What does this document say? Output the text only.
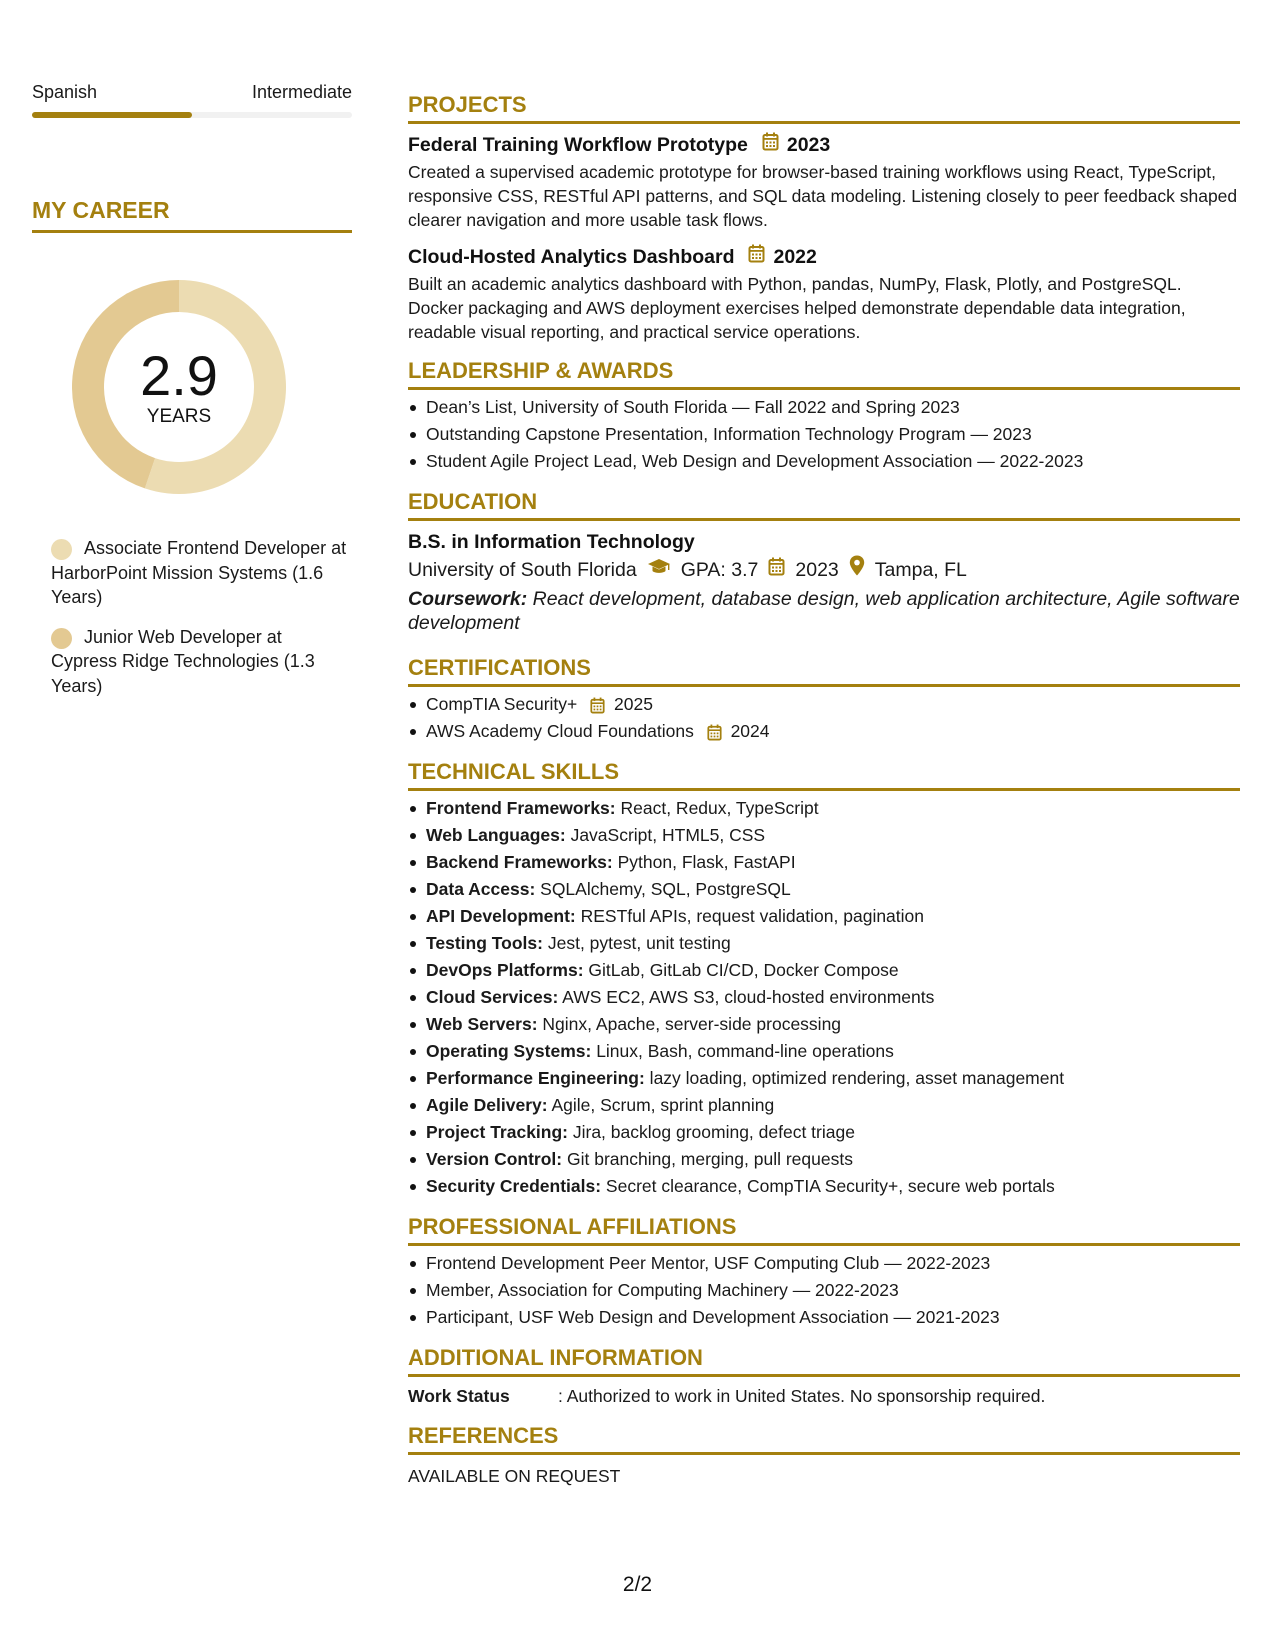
Spanish	Intermediate
MY CAREER
2.9
YEARS
Associate Frontend Developer at HarborPoint Mission Systems (1.6 Years)
Junior Web Developer at Cypress Ridge Technologies (1.3 Years)
PROJECTS
Federal Training Workflow Prototype 2023
Created a supervised academic prototype for browser-based training workflows using React, TypeScript, responsive CSS, RESTful API patterns, and SQL data modeling. Listening closely to peer feedback shaped clearer navigation and more usable task flows.
Cloud-Hosted Analytics Dashboard 2022
Built an academic analytics dashboard with Python, pandas, NumPy, Flask, Plotly, and PostgreSQL. Docker packaging and AWS deployment exercises helped demonstrate dependable data integration, readable visual reporting, and practical service operations.
LEADERSHIP & AWARDS
Dean’s List, University of South Florida — Fall 2022 and Spring 2023
Outstanding Capstone Presentation, Information Technology Program — 2023
Student Agile Project Lead, Web Design and Development Association — 2022-2023
EDUCATION
B.S. in Information Technology
University of South Florida GPA: 3.7 2023 Tampa, FL
Coursework: React development, database design, web application architecture, Agile software development
CERTIFICATIONS
CompTIA Security+ 2025
AWS Academy Cloud Foundations 2024
TECHNICAL SKILLS
Frontend Frameworks: React, Redux, TypeScript
Web Languages: JavaScript, HTML5, CSS
Backend Frameworks: Python, Flask, FastAPI
Data Access: SQLAlchemy, SQL, PostgreSQL
API Development: RESTful APIs, request validation, pagination
Testing Tools: Jest, pytest, unit testing
DevOps Platforms: GitLab, GitLab CI/CD, Docker Compose
Cloud Services: AWS EC2, AWS S3, cloud-hosted environments
Web Servers: Nginx, Apache, server-side processing
Operating Systems: Linux, Bash, command-line operations
Performance Engineering: lazy loading, optimized rendering, asset management
Agile Delivery: Agile, Scrum, sprint planning
Project Tracking: Jira, backlog grooming, defect triage
Version Control: Git branching, merging, pull requests
Security Credentials: Secret clearance, CompTIA Security+, secure web portals
PROFESSIONAL AFFILIATIONS
Frontend Development Peer Mentor, USF Computing Club — 2022-2023
Member, Association for Computing Machinery — 2022-2023
Participant, USF Web Design and Development Association — 2021-2023
ADDITIONAL INFORMATION
Work Status	: Authorized to work in United States. No sponsorship required.
REFERENCES
AVAILABLE ON REQUEST
2/2
